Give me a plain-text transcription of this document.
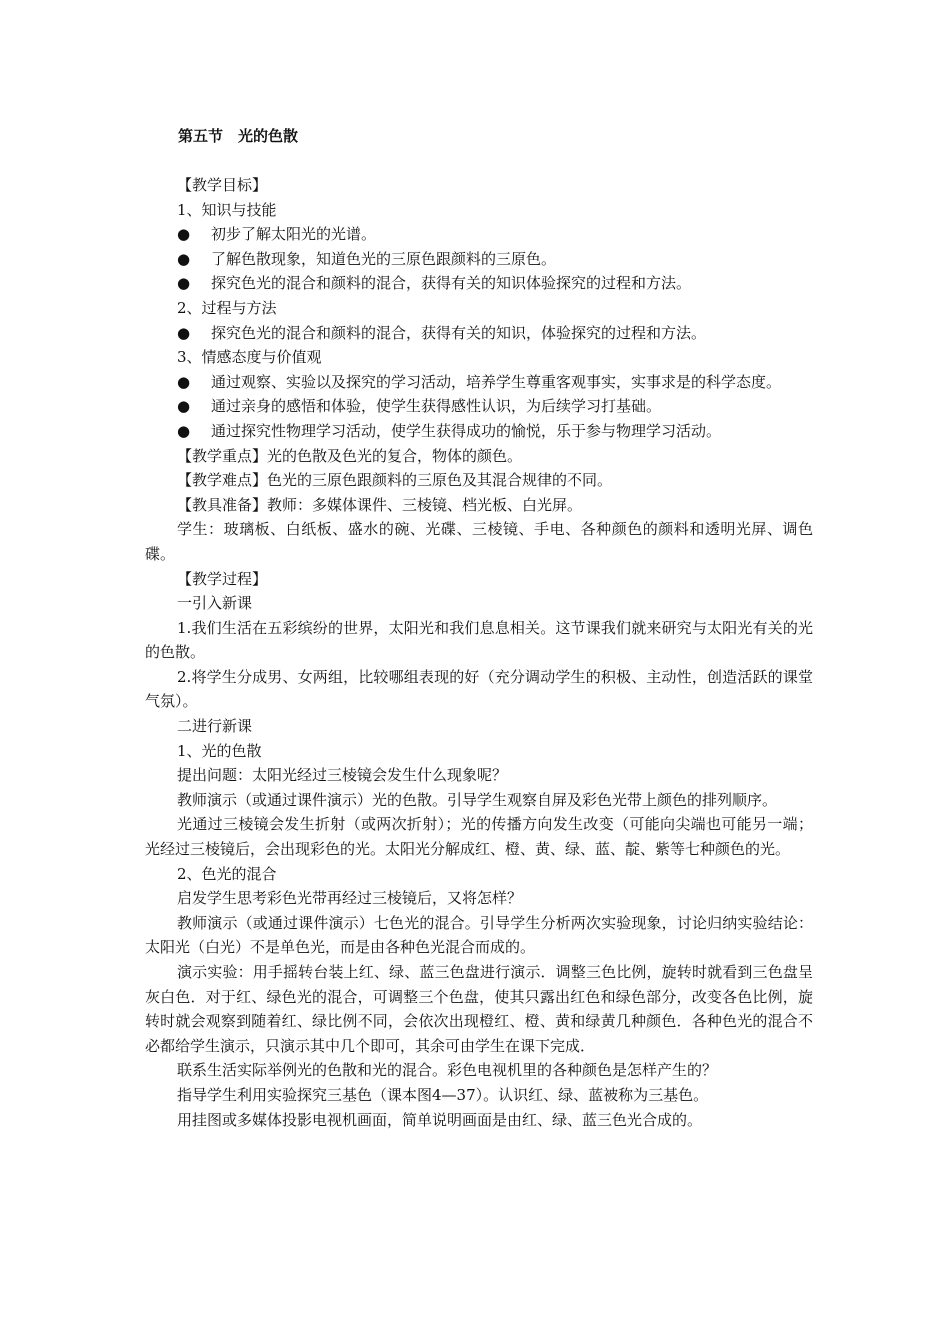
第五节　光的色散
【教学目标】
1、知识与技能
● 初步了解太阳光的光谱。
● 了解色散现象，知道色光的三原色跟颜料的三原色。
● 探究色光的混合和颜料的混合，获得有关的知识体验探究的过程和方法。
2、过程与方法
● 探究色光的混合和颜料的混合，获得有关的知识，体验探究的过程和方法。
3、情感态度与价值观
● 通过观察、实验以及探究的学习活动，培养学生尊重客观事实，实事求是的科学态度。
● 通过亲身的感悟和体验，使学生获得感性认识，为后续学习打基础。
● 通过探究性物理学习活动，使学生获得成功的愉悦，乐于参与物理学习活动。
【教学重点】光的色散及色光的复合，物体的颜色。
【教学难点】色光的三原色跟颜料的三原色及其混合规律的不同。
【教具准备】教师：多媒体课件、三棱镜、档光板、白光屏。
学生：玻璃板、白纸板、盛水的碗、光碟、三棱镜、手电、各种颜色的颜料和透明光屏、调色碟。
【教学过程】
一引入新课
1.我们生活在五彩缤纷的世界，太阳光和我们息息相关。这节课我们就来研究与太阳光有关的光的色散。
2.将学生分成男、女两组，比较哪组表现的好（充分调动学生的积极、主动性，创造活跃的课堂气氛）。
二进行新课
1、光的色散
提出问题：太阳光经过三棱镜会发生什么现象呢？
教师演示（或通过课件演示）光的色散。引导学生观察自屏及彩色光带上颜色的排列顺序。
光通过三棱镜会发生折射（或两次折射）；光的传播方向发生改变（可能向尖端也可能另一端；光经过三棱镜后，会出现彩色的光。太阳光分解成红、橙、黄、绿、蓝、靛、紫等七种颜色的光。
2、色光的混合
启发学生思考彩色光带再经过三棱镜后，又将怎样？
教师演示（或通过课件演示）七色光的混合。引导学生分析两次实验现象，讨论归纳实验结论：太阳光（白光）不是单色光，而是由各种色光混合而成的。
演示实验：用手摇转台装上红、绿、蓝三色盘进行演示．调整三色比例，旋转时就看到三色盘呈灰白色．对于红、绿色光的混合，可调整三个色盘，使其只露出红色和绿色部分，改变各色比例，旋转时就会观察到随着红、绿比例不同，会依次出现橙红、橙、黄和绿黄几种颜色．各种色光的混合不必都给学生演示，只演示其中几个即可，其余可由学生在课下完成．
联系生活实际举例光的色散和光的混合。彩色电视机里的各种颜色是怎样产生的？
指导学生利用实验探究三基色（课本图4—37）。认识红、绿、蓝被称为三基色。
用挂图或多媒体投影电视机画面，简单说明画面是由红、绿、蓝三色光合成的。
